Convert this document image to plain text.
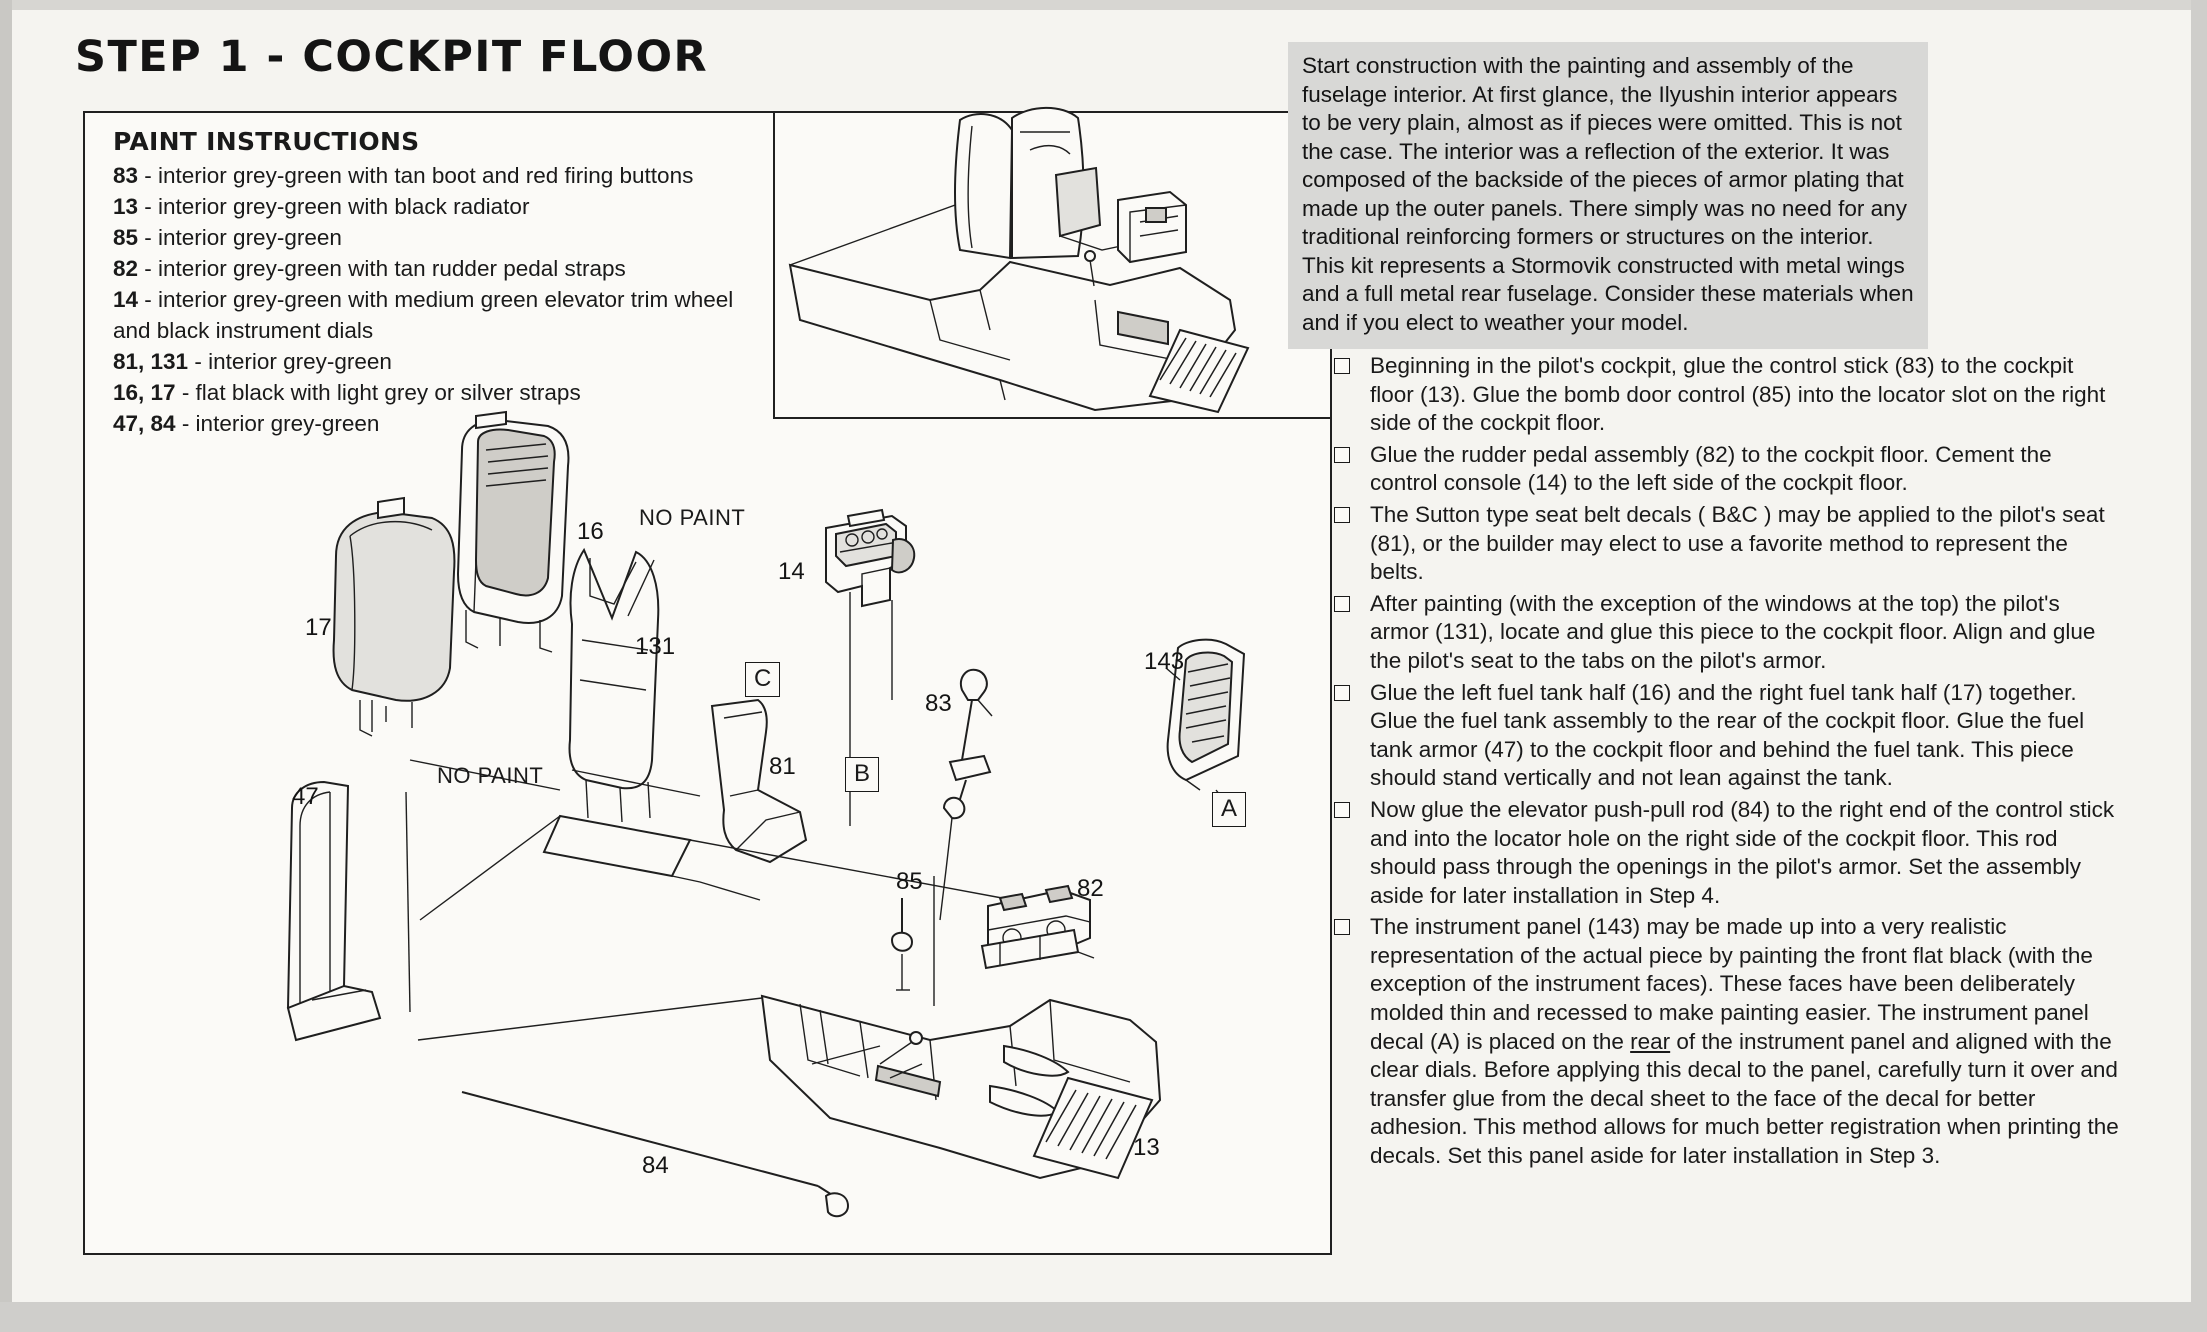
STEP 1 - COCKPIT FLOOR
PAINT INSTRUCTIONS
83 - interior grey-green with tan boot and red firing buttons
13 - interior grey-green with black radiator
85 - interior grey-green
82 - interior grey-green with tan rudder pedal straps
14 - interior grey-green with medium green elevator trim wheel and black instrument dials
81, 131 - interior grey-green
16, 17 - flat black with light grey or silver straps
47, 84 - interior grey-green
Start construction with the painting and assembly of the fuselage interior. At first glance, the Ilyushin interior appears to be very plain, almost as if pieces were omitted. This is not the case. The interior was a reflection of the exterior. It was composed of the backside of the pieces of armor plating that made up the outer panels. There simply was no need for any traditional reinforcing formers or structures on the interior. This kit represents a Stormovik constructed with metal wings and a full metal rear fuselage. Consider these materials when and if you elect to weather your model.
Beginning in the pilot's cockpit, glue the control stick (83) to the cockpit floor (13). Glue the bomb door control (85) into the locator slot on the right side of the cockpit floor.
Glue the rudder pedal assembly (82) to the cockpit floor. Cement the control console (14) to the left side of the cockpit floor.
The Sutton type seat belt decals ( B&C ) may be applied to the pilot's seat (81), or the builder may elect to use a favorite method to represent the belts.
After painting (with the exception of the windows at the top) the pilot's armor (131), locate and glue this piece to the cockpit floor. Align and glue the pilot's seat to the tabs on the pilot's armor.
Glue the left fuel tank half (16) and the right fuel tank half (17) together. Glue the fuel tank assembly to the rear of the cockpit floor. Glue the fuel tank armor (47) to the cockpit floor and behind the fuel tank. This piece should stand vertically and not lean against the tank.
Now glue the elevator push-pull rod (84) to the right end of the control stick and into the locator hole on the right side of the cockpit floor. This rod should pass through the openings in the pilot's armor. Set the assembly aside for later installation in Step 4.
The instrument panel (143) may be made up into a very realistic representation of the actual piece by painting the front flat black (with the exception of the instrument faces). These faces have been deliberately molded thin and recessed to make painting easier. The instrument panel decal (A) is placed on the rear of the instrument panel and aligned with the clear dials. Before applying this decal to the panel, carefully turn it over and transfer glue from the decal sheet to the face of the decal for better adhesion. This method allows for much better registration when printing the decals. Set this panel aside for later installation in Step 3.
16
17
14
131
143
83
81
47
85	82
13
84
A
B
C
NO PAINT
NO PAINT
